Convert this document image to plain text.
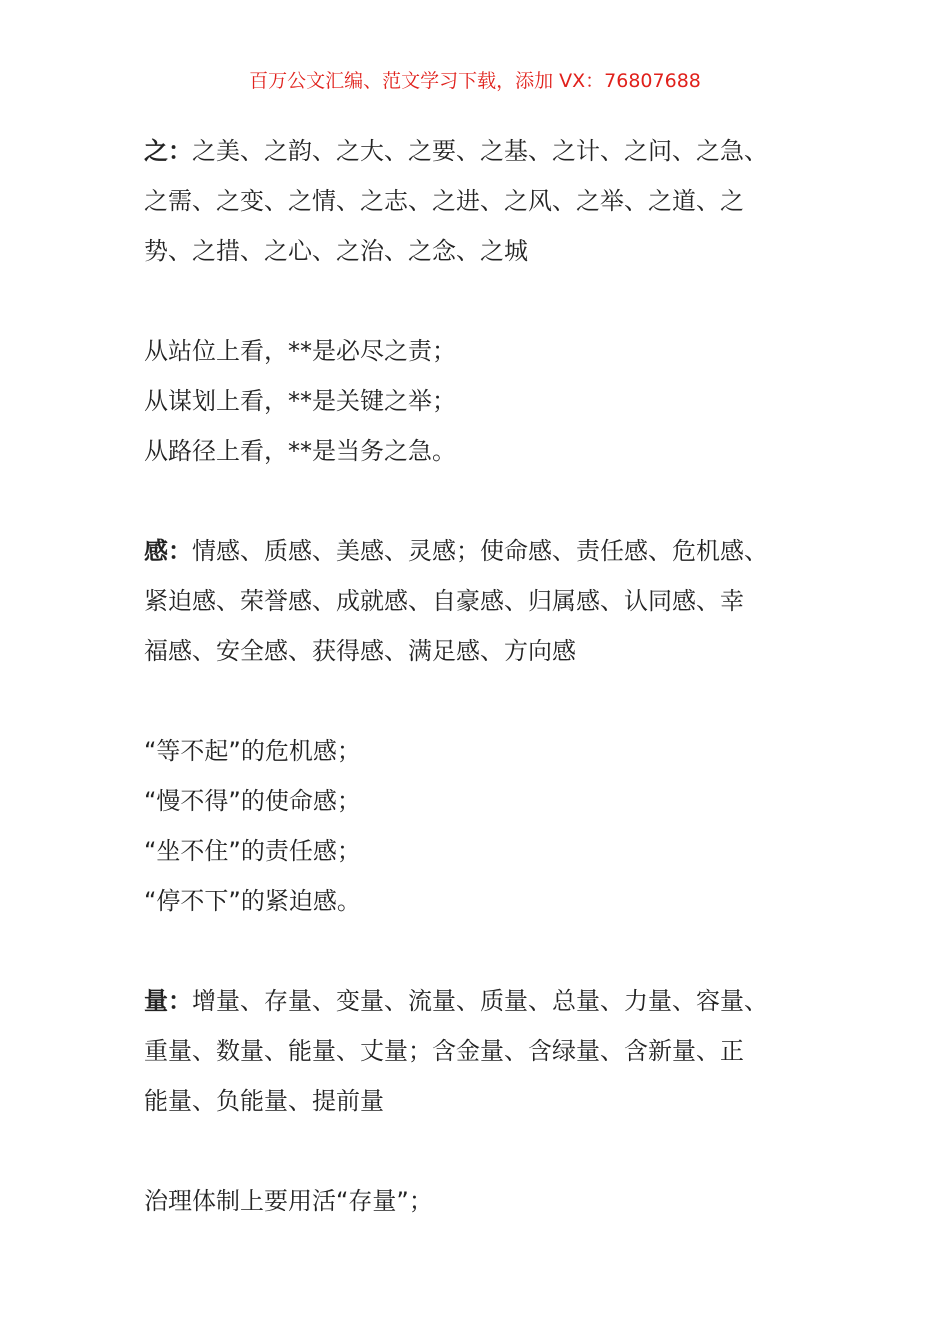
百万公文汇编、范文学习下载，添加 VX：76807688

之：之美、之韵、之大、之要、之基、之计、之问、之急、

之需、之变、之情、之志、之进、之风、之举、之道、之

势、之措、之心、之治、之念、之城

从站位上看，**是必尽之责；

从谋划上看，**是关键之举；

从路径上看，**是当务之急。

感：情感、质感、美感、灵感；使命感、责任感、危机感、

紧迫感、荣誉感、成就感、自豪感、归属感、认同感、幸

福感、安全感、获得感、满足感、方向感

“等不起”的危机感；

“慢不得”的使命感；

“坐不住”的责任感；

“停不下”的紧迫感。

量：增量、存量、变量、流量、质量、总量、力量、容量、

重量、数量、能量、丈量；含金量、含绿量、含新量、正

能量、负能量、提前量

治理体制上要用活“存量”；
